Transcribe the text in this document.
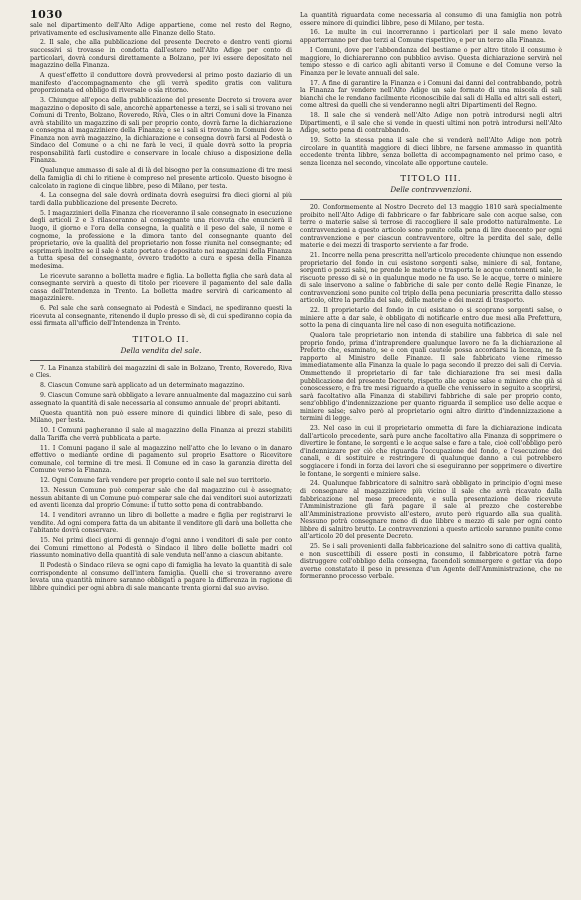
1030

sale nel dipartimento dell'Alto Adige appartiene, come nel resto del Regno, privativamente ed esclusivamente alle Finanze dello Stato.

2. Il sale, che alla pubblicazione del presente Decreto e dentro venti giorni successivi si trovasse in condotta dall'estero nell'Alto Adige per conto di particolari, dovrà condursi direttamente a Bolzano, per ivi essere depositato nel magazzino della Finanza.

A quest'effetto il conduttore dovrà provvedersi al primo posto daziario di un manifesto d'accompagnamento che gli verrà spedito gratis con valitura proporzionata ed obbligo di riversale o sia ritorno.

3. Chiunque all'epoca della pubblicazione del presente Decreto si trovera aver magazzino o deposito di sale, ancorchè appartenesse a terzi, se i sali si trovano nei Comuni di Trento, Bolzano, Roveredo, Riva, Cles o in altri Comuni dove la Finanza avrà stabilito un magazzino di sali per proprio conto, dovrà farne la dichiarazione e consegna al magazziniere della Finanza; e se i sali si trovano in Comuni dove la Finanza non avrà magazzino, la dichiarazione e consegna dovrà farsi al Podestà o Sindaco del Comune o a chi ne farà le veci, il quale dovrà sotto la propria responsabilità farli custodire e conservare in locale chiuso a disposizione della Finanza.

Qualunque ammasso di sale al di là del bisogno per la consumazione di tre mesi della famiglia di chi lo ritiene è compreso nel presente articolo. Questo bisogno è calcolato in ragione di cinque libbre, peso di Milano, per testa.

4. La consegna del sale dovrà ordinata dovrà eseguirsi fra dieci giorni al più tardi dalla pubblicazione del presente Decreto.

5. I magazzinieri della Finanza che riceveranno il sale consegnato in esecuzione degli articoli 2 e 3 rilasceranno al consegnante una ricevuta che enuncierà il luogo, il giorno e l'ora della consegna, la qualità e il peso del sale, il nome e cognome, la professione e la dimora tanto del consegnante quanto del proprietario, ove la qualità del proprietario non fosse riunita nel consegnante; ed esprimerà inoltre se il sale è stato portato e depositato nei magazzini della Finanza a tutta spesa del consegnante, ovvero tradotto a cura e spesa della Finanza medesima.

Le ricevute saranno a bolletta madre e figlia. La bolletta figlia che sarà data al consegnante servirà a questo di titolo per ricevere il pagamento del sale dalla cassa dell'Intendenza in Trento. La bolletta madre servirà di caricamento al magazziniere.

6. Pel sale che sarà consegnato ai Podestà e Sindaci, ne spediranno questi la ricevuta al consegnante, ritenendo il duplo presso di sè, di cui spediranno copia da essi firmata all'ufficio dell'Intendenza in Trento.

TITOLO II.
Della vendita del sale.

7. La Finanza stabilirà dei magazzini di sale in Bolzano, Trento, Roveredo, Riva e Cles.

8. Ciascun Comune sarà applicato ad un determinato magazzino.

9. Ciascun Comune sarà obbligato a levare annualmente dal magazzino cui sarà assegnato la quantità di sale necessaria al consumo annuale de' propri abitanti.

Questa quantità non può essere minore di quindici libbre di sale, peso di Milano, per testa.

10. I Comuni pagheranno il sale al magazzino della Finanza ai prezzi stabiliti dalla Tariffa che verrà pubblicata a parte.

11. I Comuni pagano il sale al magazzino nell'atto che lo levano o in danaro effettivo o mediante ordine di pagamento sul proprio Esattore o Ricevitore comunale, col termine di tre mesi. Il Comune ed in caso la garanzia diretta del Comune verso la Finanza.

12. Ogni Comune farà vendere per proprio conto il sale nel suo territorio.

13. Nessun Comune può comperar sale che dal magazzino cui è assegnato; nessun abitante di un Comune può comperar sale che dai venditori suoi autorizzati ed aventi licenza dal proprio Comune: il tutto sotto pena di contrabbando.

14. I venditori avranno un libro di bollette a madre e figlia per registrarvi le vendite. Ad ogni compera fatta da un abitante il venditore gli darà una bolletta che l'abitante dovrà conservare.

15. Nei primi dieci giorni di gennajo d'ogni anno i venditori di sale per conto dei Comuni rimettono al Podestà o Sindaco il libro delle bollette madri col riassunto nominativo della quantità di sale venduta nell'anno a ciascun abitante.

Il Podestà o Sindaco rileva se ogni capo di famiglia ha levato la quantità di sale corrispondente al consumo dell'intera famiglia. Quelli che si troveranno avere levata una quantità minore saranno obbligati a pagare la differenza in ragione di libbre quindici per ogni abbra di sale mancante trenta giorni dal suo avviso.

La quantità riguardata come necessaria al consumo di una famiglia non potrà essere minore di quindici libbre, peso di Milano, per testa.

16. Le multe in cui incorreranno i particolari per il sale meno levato apparterranno per due terzi al Comune rispettivo, e per un terzo alla Finanza.

I Comuni, dove per l'abbondanza del bestiame o per altro titolo il consumo è maggiore, lo dichiareranno con pubblico avviso. Questa dichiarazione servirà nel tempo stesso e di carico agli abitanti verso il Comune e del Comune verso la Finanza per le levate annuali del sale.

17. A fine di garantire la Finanza e i Comuni dai danni del contrabbando, potrà la Finanza far vendere nell'Alto Adige un sale formato di una miscela di sali bianchi che le rendano facilmente riconoscibile dai sali di Halla ed altri sali esteri, come altresì da quelli che si venderanno negli altri Dipartimenti del Regno.

18. Il sale che si venderà nell'Alto Adige non potrà introdursi negli altri Dipartimenti, e il sale che si vende in questi ultimi non potrà introdursi nell'Alto Adige, sotto pena di contrabbando.

19. Sotto la stessa pena il sale che si venderà nell'Alto Adige non potrà circolare in quantità maggiore di dieci libbre, ne farsene ammasso in quantità eccedente trenta libbre, senza bolletta di accompagnamento nel primo caso, e senza licenza nel secondo, vincolate alle opportune cautele.

TITOLO III.
Delle contravvenzioni.

20. Conformemente al Nostro Decreto del 13 maggio 1810 sarà specialmente proibito nell'Alto Adige di fabbricare o far fabbricare sale con acque salse, con terre o materie salse sì terrose di raccogliere il sale prodotto naturalmente. Le contravvenzioni a questo articolo sono punite colla pena di lire duecento per ogni contravvenzione e per ciascun contravventore, oltre la perdita del sale, delle materie e dei mezzi di trasporto serviente a far frode.

21. Incorre nella pena prescritta nell'articolo precedente chiunque non essendo proprietario del fondo in cui esistono sorgenti salse, miniere di sal, fontane, sorgenti o pozzi salsi, ne prende le materie o trasporta le acque contenenti sale, le riscuote presso di sè o in qualunque modo ne fa uso. Se le acque, terre o miniere di sale inservono a saline o fabbriche di sale per conto delle Regie Finanze, le contravvenzioni sono punite col triplo della pena pecuniaria prescritta dallo stesso articolo, oltre la perdita del sale, delle materie e dei mezzi di trasporto.

22. Il proprietario del fondo in cui esistano o si scoprano sorgenti salse, o miniere atte a dar sale, è obbligato di notificarle entro due mesi alla Prefettura, sotto la pena di cinquanta lire nel caso di non eseguita notificazione.

Qualora tale proprietario non intenda di stabilire una fabbrica di sale nel proprio fondo, prima d'intraprendere qualunque lavoro ne fa la dichiarazione al Prefetto che, esaminato, se e con quali cautele possa accordarsi la licenza, ne fa rapporto al Ministro delle Finanze. Il sale fabbricato viene rimesso immediatamente alla Finanza la quale lo paga secondo il prezzo dei sali di Cervia. Ommettendo il proprietario di far tale dichiarazione fra sei mesi dalla pubblicazione del presente Decreto, rispetto alle acque salse e miniere che già si conoscessero, e fra tre mesi riguardo a quelle che venissero in seguito a scoprirsi, sarà facoltativo alla Finanza di stabilirvi fabbriche di sale per proprio conto, senz'obbligo d'indennizzazione per quanto riguarda il semplice uso delle acque e miniere salse; salvo però al proprietario ogni altro diritto d'indennizzazione a termini di legge.

23. Nel caso in cui il proprietario ommetta di fare la dichiarazione indicata dall'articolo precedente, sarà pure anche facoltativo alla Finanza di sopprimere o divertire le fontane, le sorgenti e le acque salse e fare a tale, cioè coll'obbligo però d'indennizzare per ciò che riguarda l'occupazione del fondo, e l'esecuzione dei canali, e di sostituire e restringere di qualunque danno a cui potrebbero soggiacere i fondi in forza dei lavori che si eseguiranno per sopprimere o divertire le fontane, le sorgenti e miniere salse.

24. Qualunque fabbricatore di salnitro sarà obbligato in principio d'ogni mese di consegnare al magazziniere più vicino il sale che avrà ricavato dalla fabbricazione nel mese precedente, e sulla presentazione delle ricevute l'Amministrazione gli farà pagare il sale al prezzo che costerebbe all'Amministrazione provvisto all'estero, avuto però riguardo alla sua qualità. Nessuno potrà consegnare meno di due libbre e mezzo di sale per ogni cento libbre di salnitro brutto. Le contravvenzioni a questo articolo saranno punite come all'articolo 20 del presente Decreto.

25. Se i sali provenienti dalla fabbricazione del salnitro sono di cattiva qualità, e non suscettibili di essere posti in consumo, il fabbricatore potrà farne distruggere coll'obbligo della consegna, facendoli sommergere e gettar via dopo averne constatato il peso in presenza d'un Agente dell'Amministrazione, che ne formeranno processo verbale.
